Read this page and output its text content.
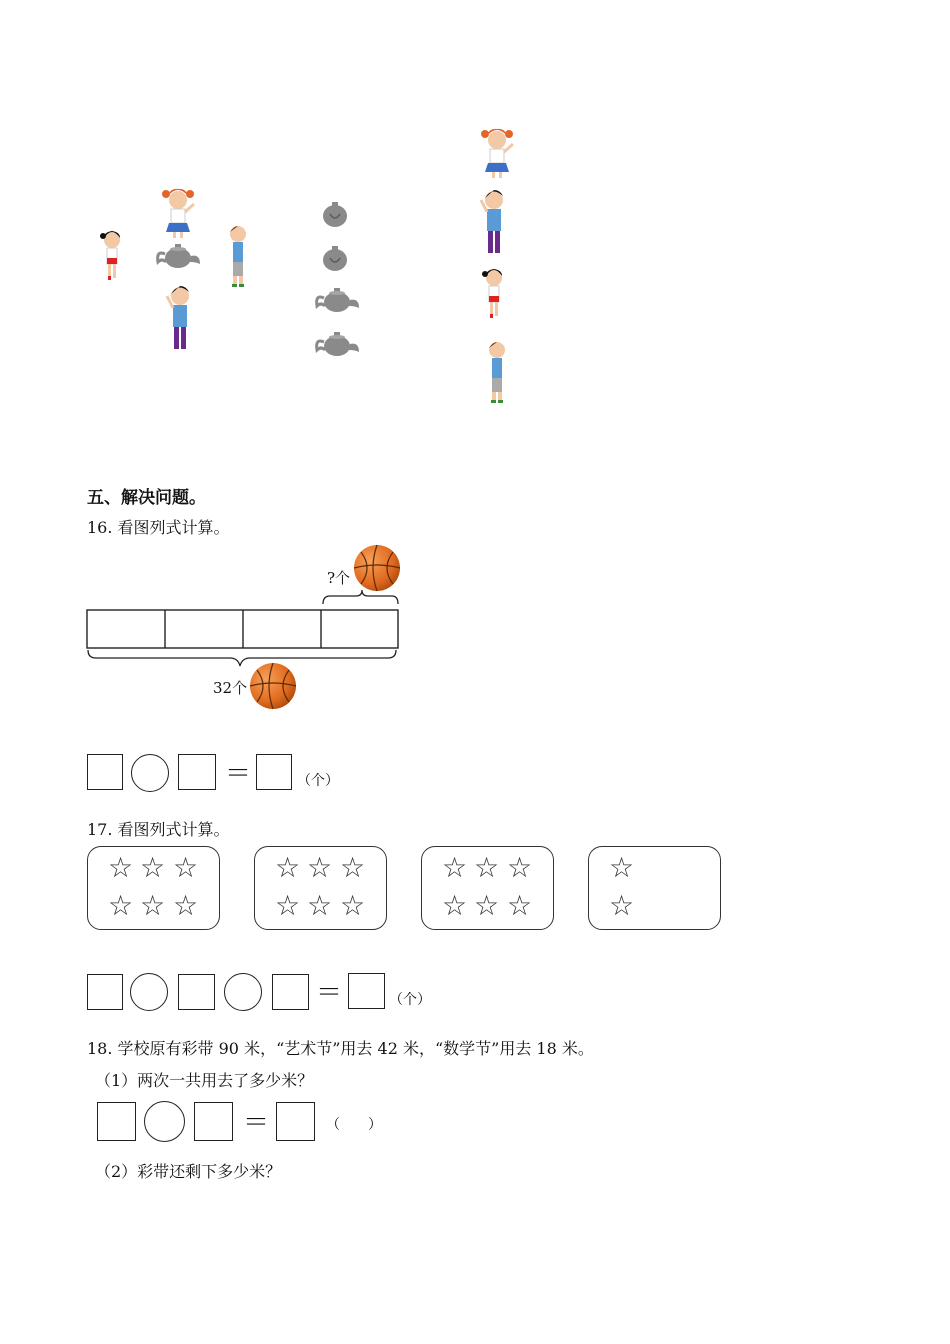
五、解决问题。
16. 看图列式计算。
?个
32个
＝	（个）
17. 看图列式计算。
☆ ☆ ☆
☆ ☆ ☆
☆ ☆ ☆
☆ ☆ ☆
☆ ☆ ☆
☆ ☆ ☆
☆
☆
＝	（个）
18. 学校原有彩带 90 米，“艺术节”用去 42 米，“数学节”用去 18 米。
（1）两次一共用去了多少米？
＝	（　　）
（2）彩带还剩下多少米？
